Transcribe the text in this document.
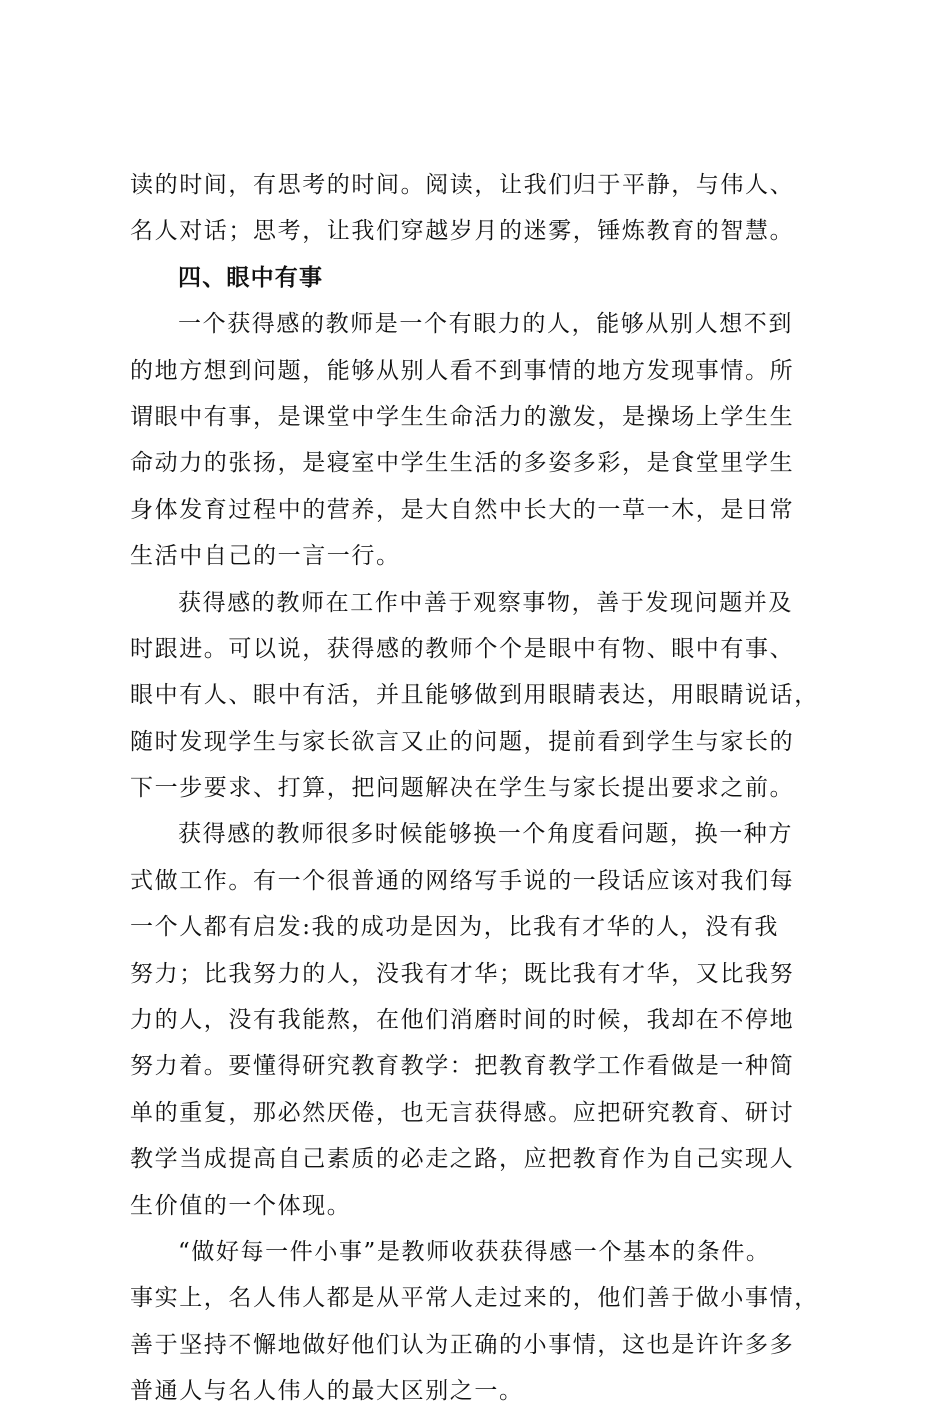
读的时间，有思考的时间。阅读，让我们归于平静，与伟人、
名人对话；思考，让我们穿越岁月的迷雾，锤炼教育的智慧。
四、眼中有事
一个获得感的教师是一个有眼力的人，能够从别人想不到
的地方想到问题，能够从别人看不到事情的地方发现事情。所
谓眼中有事，是课堂中学生生命活力的激发，是操场上学生生
命动力的张扬，是寝室中学生生活的多姿多彩，是食堂里学生
身体发育过程中的营养，是大自然中长大的一草一木，是日常
生活中自己的一言一行。
获得感的教师在工作中善于观察事物，善于发现问题并及
时跟进。可以说，获得感的教师个个是眼中有物、眼中有事、
眼中有人、眼中有活，并且能够做到用眼睛表达，用眼睛说话，
随时发现学生与家长欲言又止的问题，提前看到学生与家长的
下一步要求、打算，把问题解决在学生与家长提出要求之前。
获得感的教师很多时候能够换一个角度看问题，换一种方
式做工作。有一个很普通的网络写手说的一段话应该对我们每
一个人都有启发:我的成功是因为，比我有才华的人，没有我
努力；比我努力的人，没我有才华；既比我有才华，又比我努
力的人，没有我能熬，在他们消磨时间的时候，我却在不停地
努力着。要懂得研究教育教学：把教育教学工作看做是一种简
单的重复，那必然厌倦，也无言获得感。应把研究教育、研讨
教学当成提高自己素质的必走之路，应把教育作为自己实现人
生价值的一个体现。
“做好每一件小事”是教师收获获得感一个基本的条件。
事实上，名人伟人都是从平常人走过来的，他们善于做小事情，
善于坚持不懈地做好他们认为正确的小事情，这也是许许多多
普通人与名人伟人的最大区别之一。
